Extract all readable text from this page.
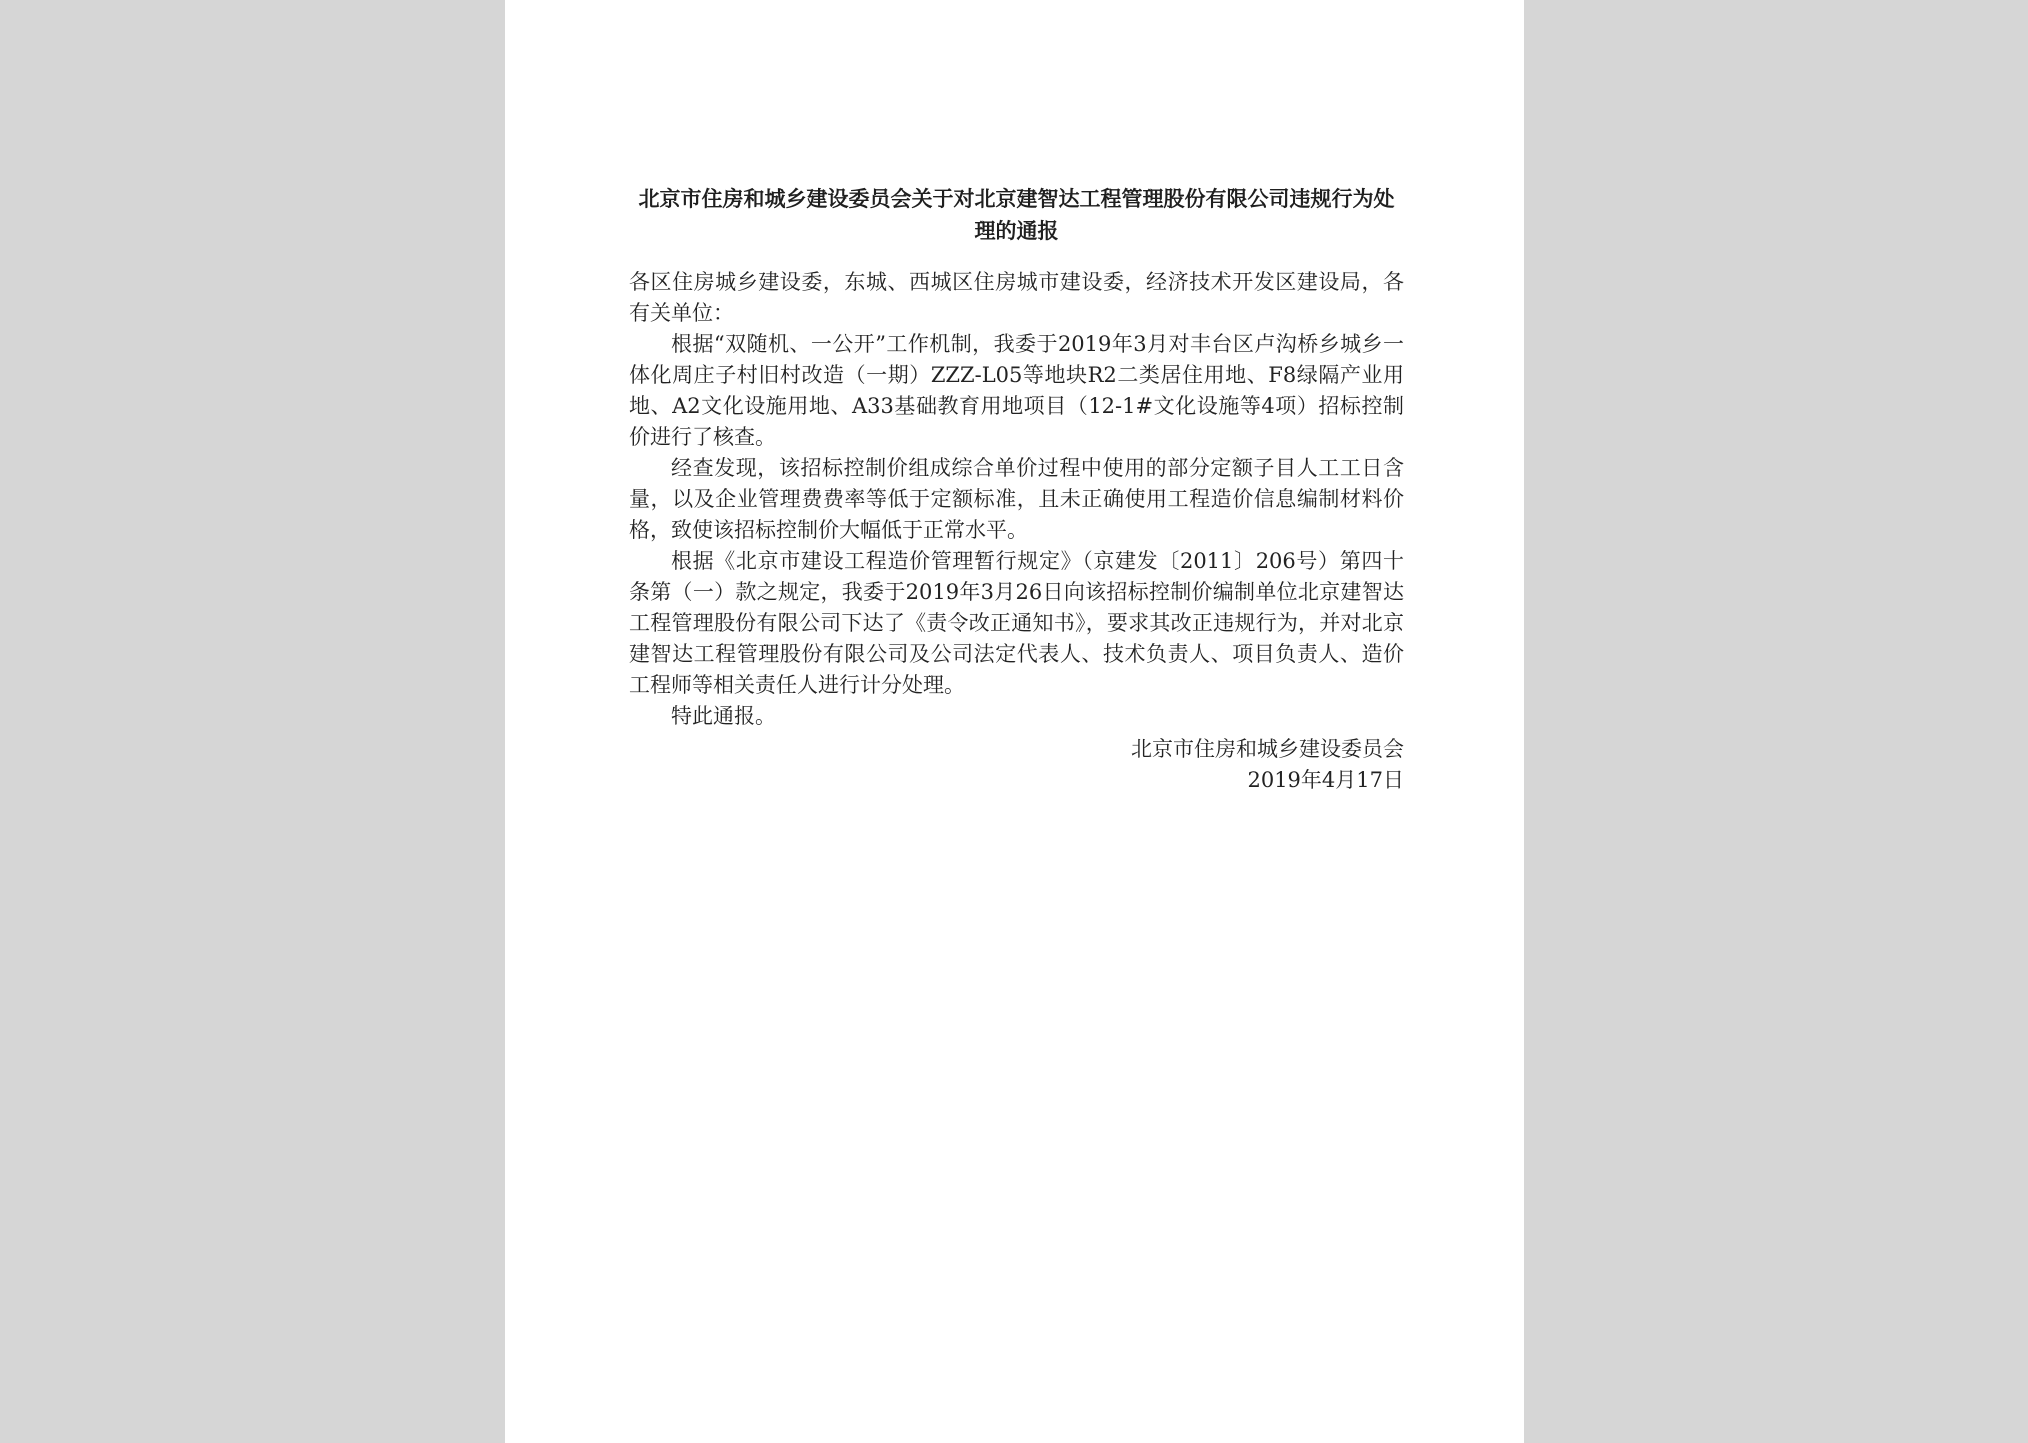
北京市住房和城乡建设委员会关于对北京建智达工程管理股份有限公司违规行为处理的通报

各区住房城乡建设委，东城、西城区住房城市建设委，经济技术开发区建设局，各有关单位：

根据“双随机、一公开”工作机制，我委于2019年3月对丰台区卢沟桥乡城乡一体化周庄子村旧村改造（一期）ZZZ-L05等地块R2二类居住用地、F8绿隔产业用地、A2文化设施用地、A33基础教育用地项目（12-1#文化设施等4项）招标控制价进行了核查。

经查发现，该招标控制价组成综合单价过程中使用的部分定额子目人工工日含量，以及企业管理费费率等低于定额标准，且未正确使用工程造价信息编制材料价格，致使该招标控制价大幅低于正常水平。

根据《北京市建设工程造价管理暂行规定》（京建发〔2011〕206号）第四十条第（一）款之规定，我委于2019年3月26日向该招标控制价编制单位北京建智达工程管理股份有限公司下达了《责令改正通知书》，要求其改正违规行为，并对北京建智达工程管理股份有限公司及公司法定代表人、技术负责人、项目负责人、造价工程师等相关责任人进行计分处理。

特此通报。

北京市住房和城乡建设委员会
2019年4月17日
